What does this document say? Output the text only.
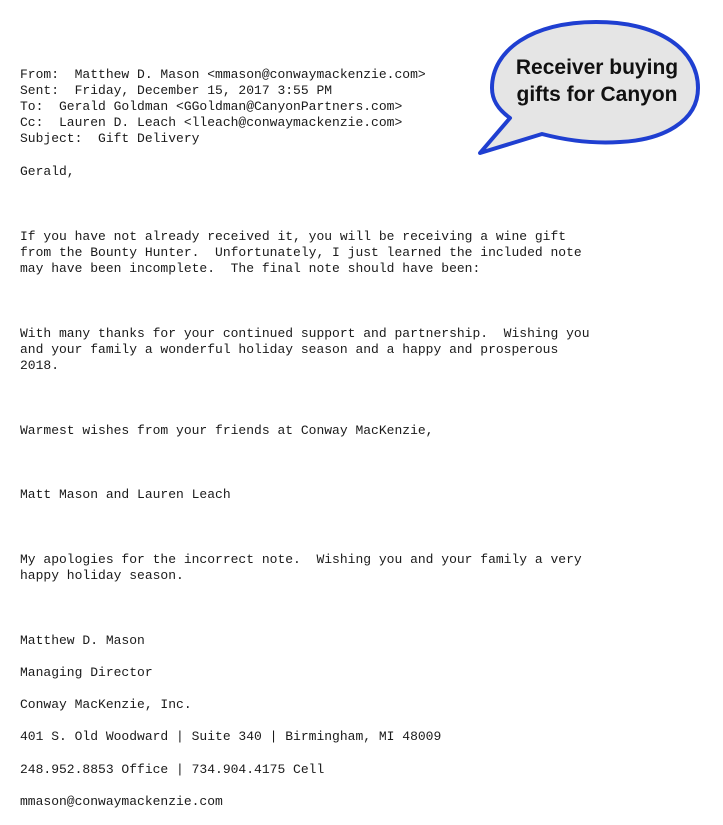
From:  Matthew D. Mason <mmason@conwaymackenzie.com>
Sent:  Friday, December 15, 2017 3:55 PM
To:  Gerald Goldman <GGoldman@CanyonPartners.com>
Cc:  Lauren D. Leach <lleach@conwaymackenzie.com>
Subject:  Gift Delivery
Gerald,
If you have not already received it, you will be receiving a wine gift
from the Bounty Hunter.  Unfortunately, I just learned the included note
may have been incomplete.  The final note should have been:
With many thanks for your continued support and partnership.  Wishing you
and your family a wonderful holiday season and a happy and prosperous
2018.
Warmest wishes from your friends at Conway MacKenzie,
Matt Mason and Lauren Leach
My apologies for the incorrect note.  Wishing you and your family a very
happy holiday season.
Matthew D. Mason
Managing Director
Conway MacKenzie, Inc.
401 S. Old Woodward | Suite 340 | Birmingham, MI 48009
248.952.8853 Office | 734.904.4175 Cell
mmason@conwaymackenzie.com
Receiver buying
gifts for Canyon
